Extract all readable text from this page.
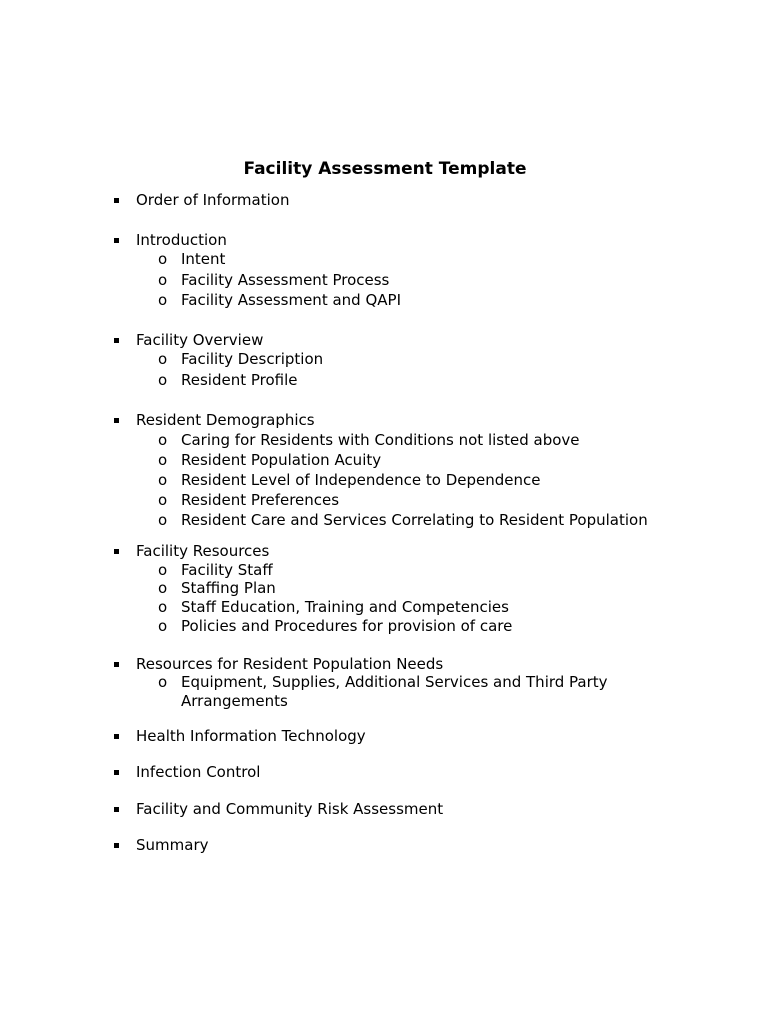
Facility Assessment Template
Order of Information
Introduction
o Intent
o Facility Assessment Process
o Facility Assessment and QAPI
Facility Overview
o Facility Description
o Resident Profile
Resident Demographics
o Caring for Residents with Conditions not listed above
o Resident Population Acuity
o Resident Level of Independence to Dependence
o Resident Preferences
o Resident Care and Services Correlating to Resident Population
Facility Resources
o Facility Staff
o Staffing Plan
o Staff Education, Training and Competencies
o Policies and Procedures for provision of care
Resources for Resident Population Needs
o Equipment, Supplies, Additional Services and Third Party Arrangements
Health Information Technology
Infection Control
Facility and Community Risk Assessment
Summary
